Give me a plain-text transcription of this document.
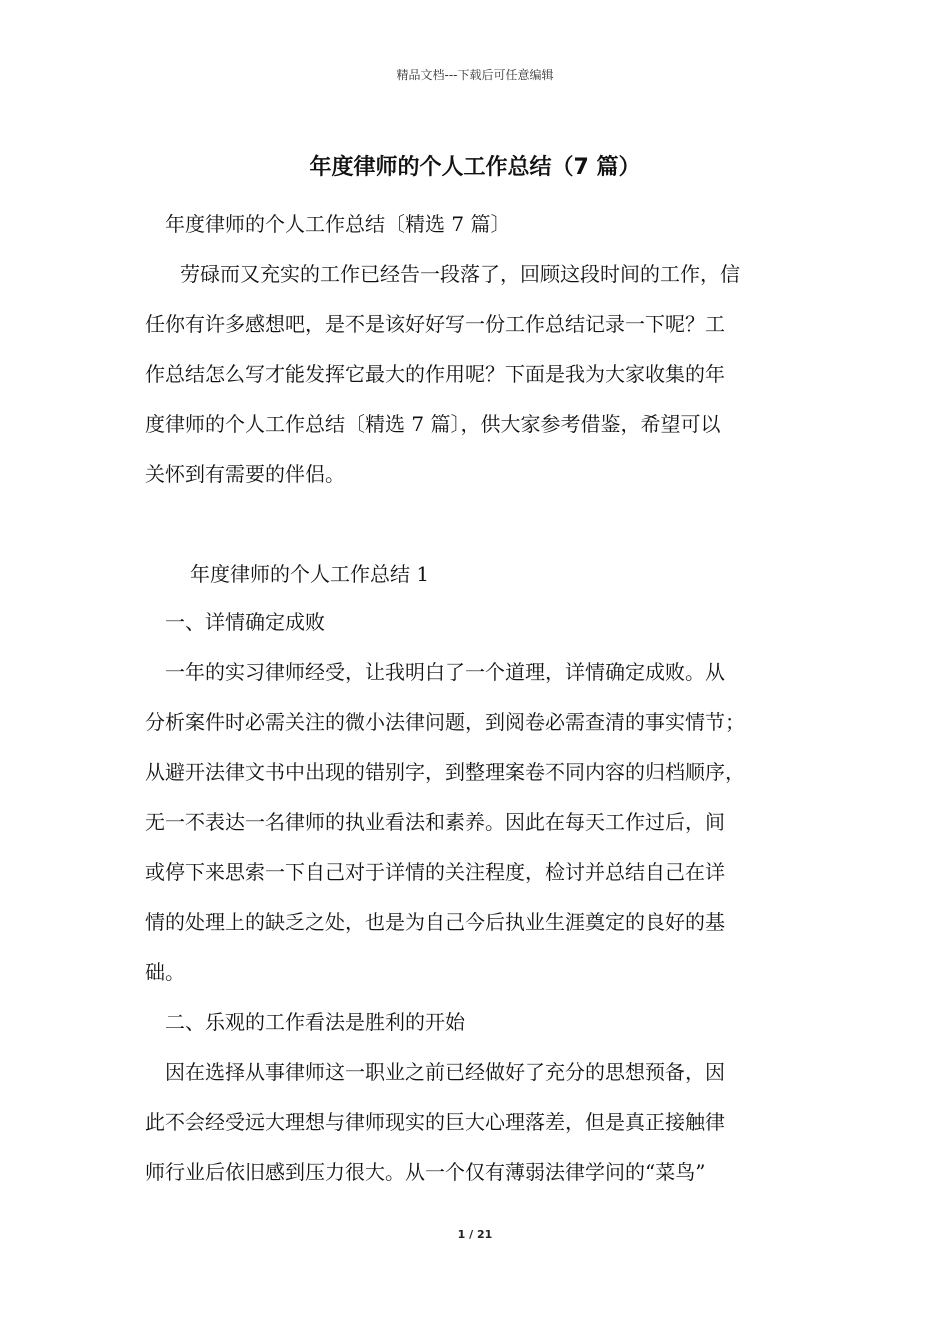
精品文档---下载后可任意编辑
年度律师的个人工作总结（7 篇）
年度律师的个人工作总结〔精选 7 篇〕
劳碌而又充实的工作已经告一段落了，回顾这段时间的工作，信
任你有许多感想吧，是不是该好好写一份工作总结记录一下呢？工
作总结怎么写才能发挥它最大的作用呢？下面是我为大家收集的年
度律师的个人工作总结〔精选 7 篇〕，供大家参考借鉴，希望可以
关怀到有需要的伴侣。
年度律师的个人工作总结 1
一、详情确定成败
一年的实习律师经受，让我明白了一个道理，详情确定成败。从
分析案件时必需关注的微小法律问题，到阅卷必需查清的事实情节；
从避开法律文书中出现的错别字，到整理案卷不同内容的归档顺序，
无一不表达一名律师的执业看法和素养。因此在每天工作过后，间
或停下来思索一下自己对于详情的关注程度，检讨并总结自己在详
情的处理上的缺乏之处，也是为自己今后执业生涯奠定的良好的基
础。
二、乐观的工作看法是胜利的开始
因在选择从事律师这一职业之前已经做好了充分的思想预备，因
此不会经受远大理想与律师现实的巨大心理落差，但是真正接触律
师行业后依旧感到压力很大。从一个仅有薄弱法律学问的“菜鸟”
1 / 21
